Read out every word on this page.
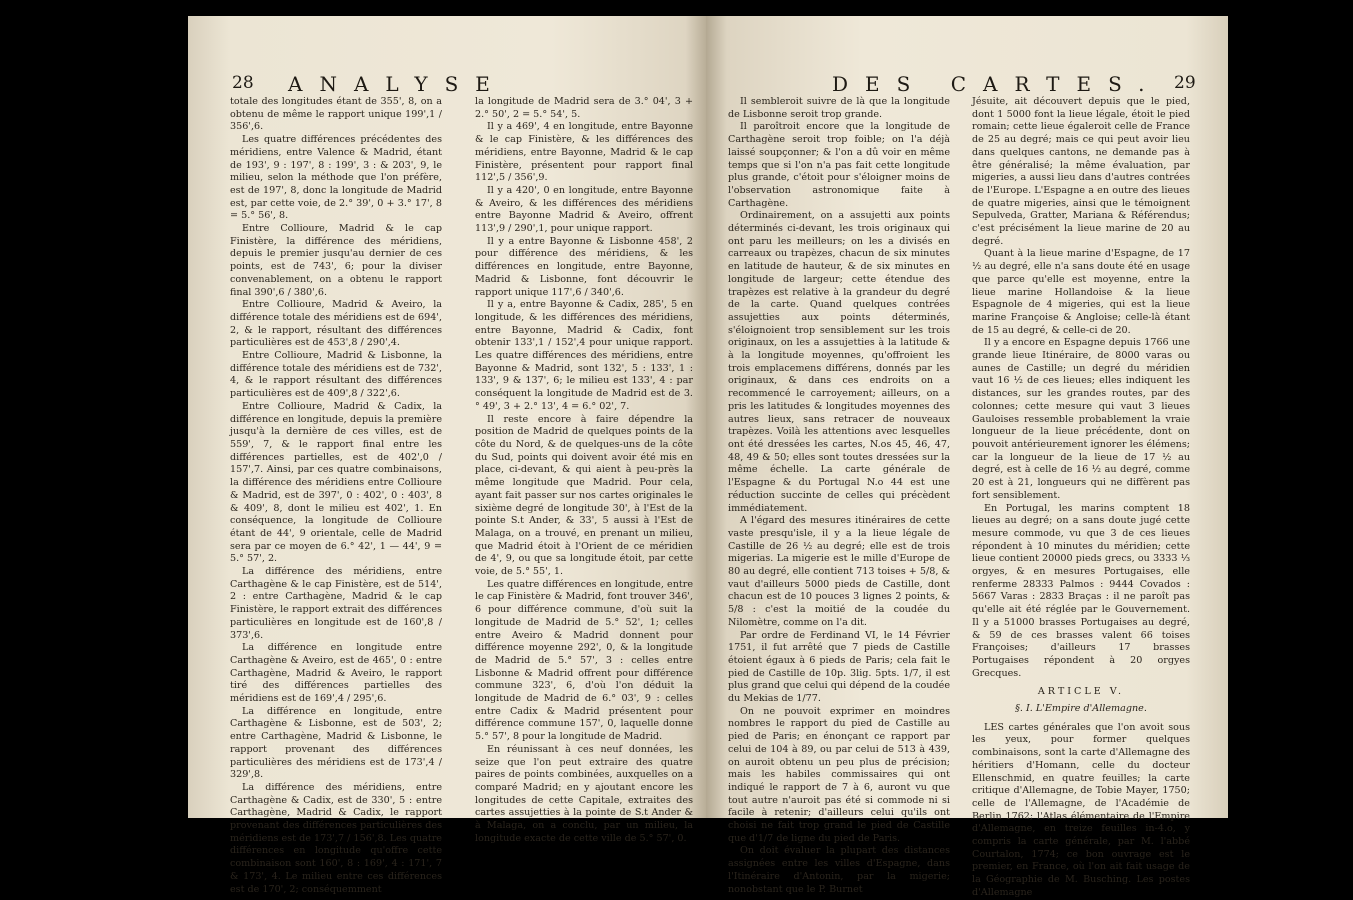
28 ANALYSE

totale des longitudes étant de 355', 8, on a obtenu de même le rapport unique 199',1 / 356',6.

Les quatre différences précédentes des méridiens, entre Valence & Madrid, étant de 193', 9 : 197', 8 : 199', 3 : & 203', 9, le milieu, selon la méthode que l'on préfère, est de 197', 8, donc la longitude de Madrid est, par cette voie, de 2.° 39', 0 + 3.° 17', 8 = 5.° 56', 8.

Entre Collioure, Madrid & le cap Finistère, la différence des méridiens, depuis le premier jusqu'au dernier de ces points, est de 743', 6; pour la diviser convenablement, on a obtenu le rapport final 390',6 / 380',6.

Entre Collioure, Madrid & Aveiro, la différence totale des méridiens est de 694', 2, & le rapport, résultant des différences particulières est de 453',8 / 290',4.

Entre Collioure, Madrid & Lisbonne, la différence totale des méridiens est de 732', 4, & le rapport résultant des différences particulières est de 409',8 / 322',6.

Entre Collioure, Madrid & Cadix, la différence en longitude, depuis la première jusqu'à la dernière de ces villes, est de 559', 7, & le rapport final entre les différences partielles, est de 402',0 / 157',7. Ainsi, par ces quatre combinaisons, la différence des méridiens entre Collioure & Madrid, est de 397', 0 : 402', 0 : 403', 8 & 409', 8, dont le milieu est 402', 1. En conséquence, la longitude de Collioure étant de 44', 9 orientale, celle de Madrid sera par ce moyen de 6.° 42', 1 — 44', 9 = 5.° 57', 2.

La différence des méridiens, entre Carthagène & le cap Finistère, est de 514', 2 : entre Carthagène, Madrid & le cap Finistère, le rapport extrait des différences particulières en longitude est de 160',8 / 373',6.

La différence en longitude entre Carthagène & Aveiro, est de 465', 0 : entre Carthagène, Madrid & Aveiro, le rapport tiré des différences partielles des méridiens est de 169',4 / 295',6.

La différence en longitude, entre Carthagène & Lisbonne, est de 503', 2; entre Carthagène, Madrid & Lisbonne, le rapport provenant des différences particulières des méridiens est de 173',4 / 329',8.

La différence des méridiens, entre Carthagène & Cadix, est de 330', 5 : entre Carthagène, Madrid & Cadix, le rapport provenant des différences particulières des méridiens est de 173',7 / 156',8. Les quatre différences en longitude qu'offre cette combinaison sont 160', 8 : 169', 4 : 171', 7 & 173', 4. Le milieu entre ces différences est de 170', 2; conséquemment

la longitude de Madrid sera de 3.° 04', 3 + 2.° 50', 2 = 5.° 54', 5.

Il y a 469', 4 en longitude, entre Bayonne & le cap Finistère, & les différences des méridiens, entre Bayonne, Madrid & le cap Finistère, présentent pour rapport final 112',5 / 356',9.

Il y a 420', 0 en longitude, entre Bayonne & Aveiro, & les différences des méridiens entre Bayonne Madrid & Aveiro, offrent 113',9 / 290',1, pour unique rapport.

Il y a entre Bayonne & Lisbonne 458', 2 pour différence des méridiens, & les différences en longitude, entre Bayonne, Madrid & Lisbonne, font découvrir le rapport unique 117',6 / 340',6.

Il y a, entre Bayonne & Cadix, 285', 5 en longitude, & les différences des méridiens, entre Bayonne, Madrid & Cadix, font obtenir 133',1 / 152',4 pour unique rapport. Les quatre différences des méridiens, entre Bayonne & Madrid, sont 132', 5 : 133', 1 : 133', 9 & 137', 6; le milieu est 133', 4 : par conséquent la longitude de Madrid est de 3.° 49', 3 + 2.° 13', 4 = 6.° 02', 7.

Il reste encore à faire dépendre la position de Madrid de quelques points de la côte du Nord, & de quelques-uns de la côte du Sud, points qui doivent avoir été mis en place, ci-devant, & qui aient à peu-près la même longitude que Madrid. Pour cela, ayant fait passer sur nos cartes originales le sixième degré de longitude 30', à l'Est de la pointe S.t Ander, & 33', 5 aussi à l'Est de Malaga, on a trouvé, en prenant un milieu, que Madrid étoit à l'Orient de ce méridien de 4', 9, ou que sa longitude étoit, par cette voie, de 5.° 55', 1.

Les quatre différences en longitude, entre le cap Finistère & Madrid, font trouver 346', 6 pour différence commune, d'où suit la longitude de Madrid de 5.° 52', 1; celles entre Aveiro & Madrid donnent pour différence moyenne 292', 0, & la longitude de Madrid de 5.° 57', 3 : celles entre Lisbonne & Madrid offrent pour différence commune 323', 6, d'où l'on déduit la longitude de Madrid de 6.° 03', 9 : celles entre Cadix & Madrid présentent pour différence commune 157', 0, laquelle donne 5.° 57', 8 pour la longitude de Madrid.

En réunissant à ces neuf données, les seize que l'on peut extraire des quatre paires de points combinées, auxquelles on a comparé Madrid; en y ajoutant encore les longitudes de cette Capitale, extraites des cartes assujetties à la pointe de S.t Ander & à Malaga, on a conclu, par un milieu, la longitude exacte de cette ville de 5.° 57', 0.

DES CARTES. 29

Il sembleroit suivre de là que la longitude de Lisbonne seroit trop grande.

Il paroîtroit encore que la longitude de Carthagène seroit trop foible; on l'a déjà laissé soupçonner; & l'on a dû voir en même temps que si l'on n'a pas fait cette longitude plus grande, c'étoit pour s'éloigner moins de l'observation astronomique faite à Carthagène.

Ordinairement, on a assujetti aux points déterminés ci-devant, les trois originaux qui ont paru les meilleurs; on les a divisés en carreaux ou trapèzes, chacun de six minutes en latitude de hauteur, & de six minutes en longitude de largeur; cette étendue des trapèzes est relative à la grandeur du degré de la carte. Quand quelques contrées assujetties aux points déterminés, s'éloignoient trop sensiblement sur les trois originaux, on les a assujetties à la latitude & à la longitude moyennes, qu'offroient les trois emplacemens différens, donnés par les originaux, & dans ces endroits on a recommencé le carroyement; ailleurs, on a pris les latitudes & longitudes moyennes des autres lieux, sans retracer de nouveaux trapèzes. Voilà les attentions avec lesquelles ont été dressées les cartes, N.os 45, 46, 47, 48, 49 & 50; elles sont toutes dressées sur la même échelle. La carte générale de l'Espagne & du Portugal N.o 44 est une réduction succinte de celles qui précèdent immédiatement.

A l'égard des mesures itinéraires de cette vaste presqu'isle, il y a la lieue légale de Castille de 26 ½ au degré; elle est de trois migerias. La migerie est le mille d'Europe de 80 au degré, elle contient 713 toises + 5/8, & vaut d'ailleurs 5000 pieds de Castille, dont chacun est de 10 pouces 3 lignes 2 points, & 5/8 : c'est la moitié de la coudée du Nilomètre, comme on l'a dit.

Par ordre de Ferdinand VI, le 14 Février 1751, il fut arrêté que 7 pieds de Castille étoient égaux à 6 pieds de Paris; cela fait le pied de Castille de 10p. 3lig. 5pts. 1/7, il est plus grand que celui qui dépend de la coudée du Mekias de 1/77.

On ne pouvoit exprimer en moindres nombres le rapport du pied de Castille au pied de Paris; en énonçant ce rapport par celui de 104 à 89, ou par celui de 513 à 439, on auroit obtenu un peu plus de précision; mais les habiles commissaires qui ont indiqué le rapport de 7 à 6, auront vu que tout autre n'auroit pas été si commode ni si facile à retenir; d'ailleurs celui qu'ils ont choisi ne fait trop grand le pied de Castille que d'1/7 de ligne du pied de Paris.

On doit évaluer la plupart des distances assignées entre les villes d'Espagne, dans l'Itinéraire d'Antonin, par la migerie; nonobstant que le P. Burnet

Jésuite, ait découvert depuis que le pied, dont 1 5000 font la lieue légale, étoit le pied romain; cette lieue égaleroit celle de France de 25 au degré; mais ce qui peut avoir lieu dans quelques cantons, ne demande pas à être généralisé; la même évaluation, par migeries, a aussi lieu dans d'autres contrées de l'Europe. L'Espagne a en outre des lieues de quatre migeries, ainsi que le témoignent Sepulveda, Gratter, Mariana & Référendus; c'est précisément la lieue marine de 20 au degré.

Quant à la lieue marine d'Espagne, de 17 ½ au degré, elle n'a sans doute été en usage que parce qu'elle est moyenne, entre la lieue marine Hollandoise & la lieue Espagnole de 4 migeries, qui est la lieue marine Françoise & Angloise; celle-là étant de 15 au degré, & celle-ci de 20.

Il y a encore en Espagne depuis 1766 une grande lieue Itinéraire, de 8000 varas ou aunes de Castille; un degré du méridien vaut 16 ½ de ces lieues; elles indiquent les distances, sur les grandes routes, par des colonnes; cette mesure qui vaut 3 lieues Gauloises ressemble probablement la vraie longueur de la lieue précédente, dont on pouvoit antérieurement ignorer les élémens; car la longueur de la lieue de 17 ½ au degré, est à celle de 16 ½ au degré, comme 20 est à 21, longueurs qui ne diffèrent pas fort sensiblement.

En Portugal, les marins comptent 18 lieues au degré; on a sans doute jugé cette mesure commode, vu que 3 de ces lieues répondent à 10 minutes du méridien; cette lieue contient 20000 pieds grecs, ou 3333 ⅓ orgyes, & en mesures Portugaises, elle renferme 28333 Palmos : 9444 Covados : 5667 Varas : 2833 Braças : il ne paroît pas qu'elle ait été réglée par le Gouvernement. Il y a 51000 brasses Portugaises au degré, & 59 de ces brasses valent 66 toises Françoises; d'ailleurs 17 brasses Portugaises répondent à 20 orgyes Grecques.

ARTICLE V.

§. I. L'Empire d'Allemagne.

LES cartes générales que l'on avoit sous les yeux, pour former quelques combinaisons, sont la carte d'Allemagne des héritiers d'Homann, celle du docteur Ellenschmid, en quatre feuilles; la carte critique d'Allemagne, de Tobie Mayer, 1750; celle de l'Allemagne, de l'Académie de Berlin 1762; l'Atlas élémentaire de l'Empire d'Allemagne, en treize feuilles in-4.o, y compris la carte générale, par M. l'abbé Courtalon, 1774; ce bon ouvrage est le premier, en France, où l'on ait fait usage de la Géographie de M. Busching. Les postes d'Allemagne
